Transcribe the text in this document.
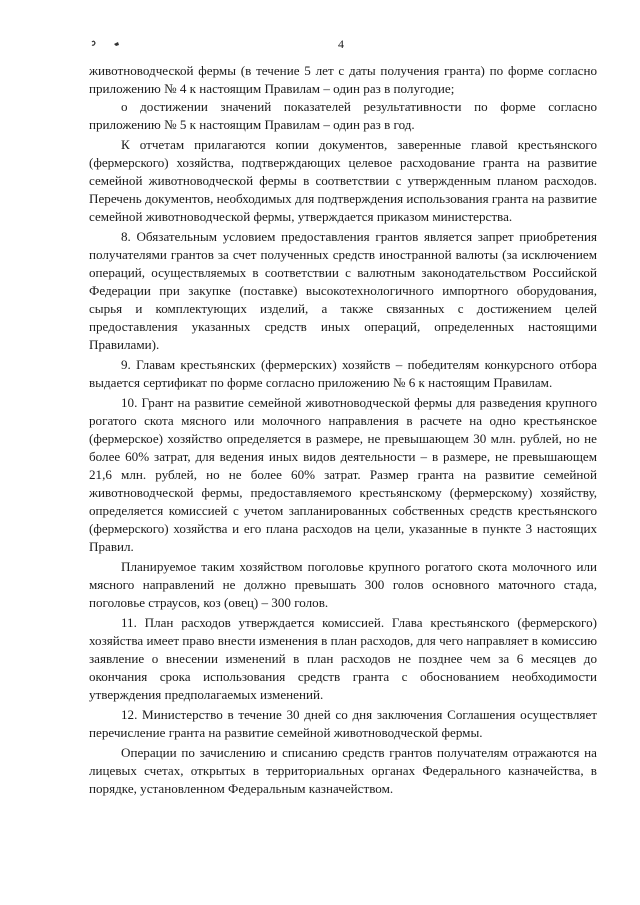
4

животноводческой фермы (в течение 5 лет с даты получения гранта) по форме согласно приложению № 4 к настоящим Правилам – один раз в полугодие;

о достижении значений показателей результативности по форме согласно приложению № 5 к настоящим Правилам – один раз в год.

К отчетам прилагаются копии документов, заверенные главой крестьянского (фермерского) хозяйства, подтверждающих целевое расходование гранта на развитие семейной животноводческой фермы в соответствии с утвержденным планом расходов. Перечень документов, необходимых для подтверждения использования гранта на развитие семейной животноводческой фермы, утверждается приказом министерства.

8. Обязательным условием предоставления грантов является запрет приобретения получателями грантов за счет полученных средств иностранной валюты (за исключением операций, осуществляемых в соответствии с валютным законодательством Российской Федерации при закупке (поставке) высокотехнологичного импортного оборудования, сырья и комплектующих изделий, а также связанных с достижением целей предоставления указанных средств иных операций, определенных настоящими Правилами).

9. Главам крестьянских (фермерских) хозяйств – победителям конкурсного отбора выдается сертификат по форме согласно приложению № 6 к настоящим Правилам.

10. Грант на развитие семейной животноводческой фермы для разведения крупного рогатого скота мясного или молочного направления в расчете на одно крестьянское (фермерское) хозяйство определяется в размере, не превышающем 30 млн. рублей, но не более 60% затрат, для ведения иных видов деятельности – в размере, не превышающем 21,6 млн. рублей, но не более 60% затрат. Размер гранта на развитие семейной животноводческой фермы, предоставляемого крестьянскому (фермерскому) хозяйству, определяется комиссией с учетом запланированных собственных средств крестьянского (фермерского) хозяйства и его плана расходов на цели, указанные в пункте 3 настоящих Правил.

Планируемое таким хозяйством поголовье крупного рогатого скота молочного или мясного направлений не должно превышать 300 голов основного маточного стада, поголовье страусов, коз (овец) – 300 голов.

11. План расходов утверждается комиссией. Глава крестьянского (фермерского) хозяйства имеет право внести изменения в план расходов, для чего направляет в комиссию заявление о внесении изменений в план расходов не позднее чем за 6 месяцев до окончания срока использования средств гранта с обоснованием необходимости утверждения предполагаемых изменений.

12. Министерство в течение 30 дней со дня заключения Соглашения осуществляет перечисление гранта на развитие семейной животноводческой фермы.

Операции по зачислению и списанию средств грантов получателям отражаются на лицевых счетах, открытых в территориальных органах Федерального казначейства, в порядке, установленном Федеральным казначейством.
